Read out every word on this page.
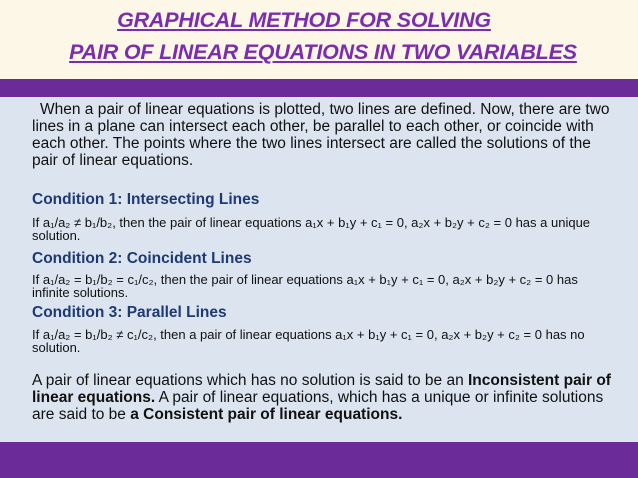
GRAPHICAL METHOD FOR SOLVING
PAIR OF LINEAR EQUATIONS IN TWO VARIABLES

When a pair of linear equations is plotted, two lines are defined. Now, there are two lines in a plane can intersect each other, be parallel to each other, or coincide with each other. The points where the two lines intersect are called the solutions of the pair of linear equations.

Condition 1: Intersecting Lines

If a₁/a₂ ≠ b₁/b₂, then the pair of linear equations a₁x + b₁y + c₁ = 0, a₂x + b₂y + c₂ = 0 has a unique solution.

Condition 2: Coincident Lines

If a₁/a₂ = b₁/b₂ = c₁/c₂, then the pair of linear equations a₁x + b₁y + c₁ = 0, a₂x + b₂y + c₂ = 0 has infinite solutions.

Condition 3: Parallel Lines

If a₁/a₂ = b₁/b₂ ≠ c₁/c₂, then a pair of linear equations a₁x + b₁y + c₁ = 0, a₂x + b₂y + c₂ = 0 has no solution.

A pair of linear equations which has no solution is said to be an Inconsistent pair of linear equations. A pair of linear equations, which has a unique or infinite solutions are said to be a Consistent pair of linear equations.
